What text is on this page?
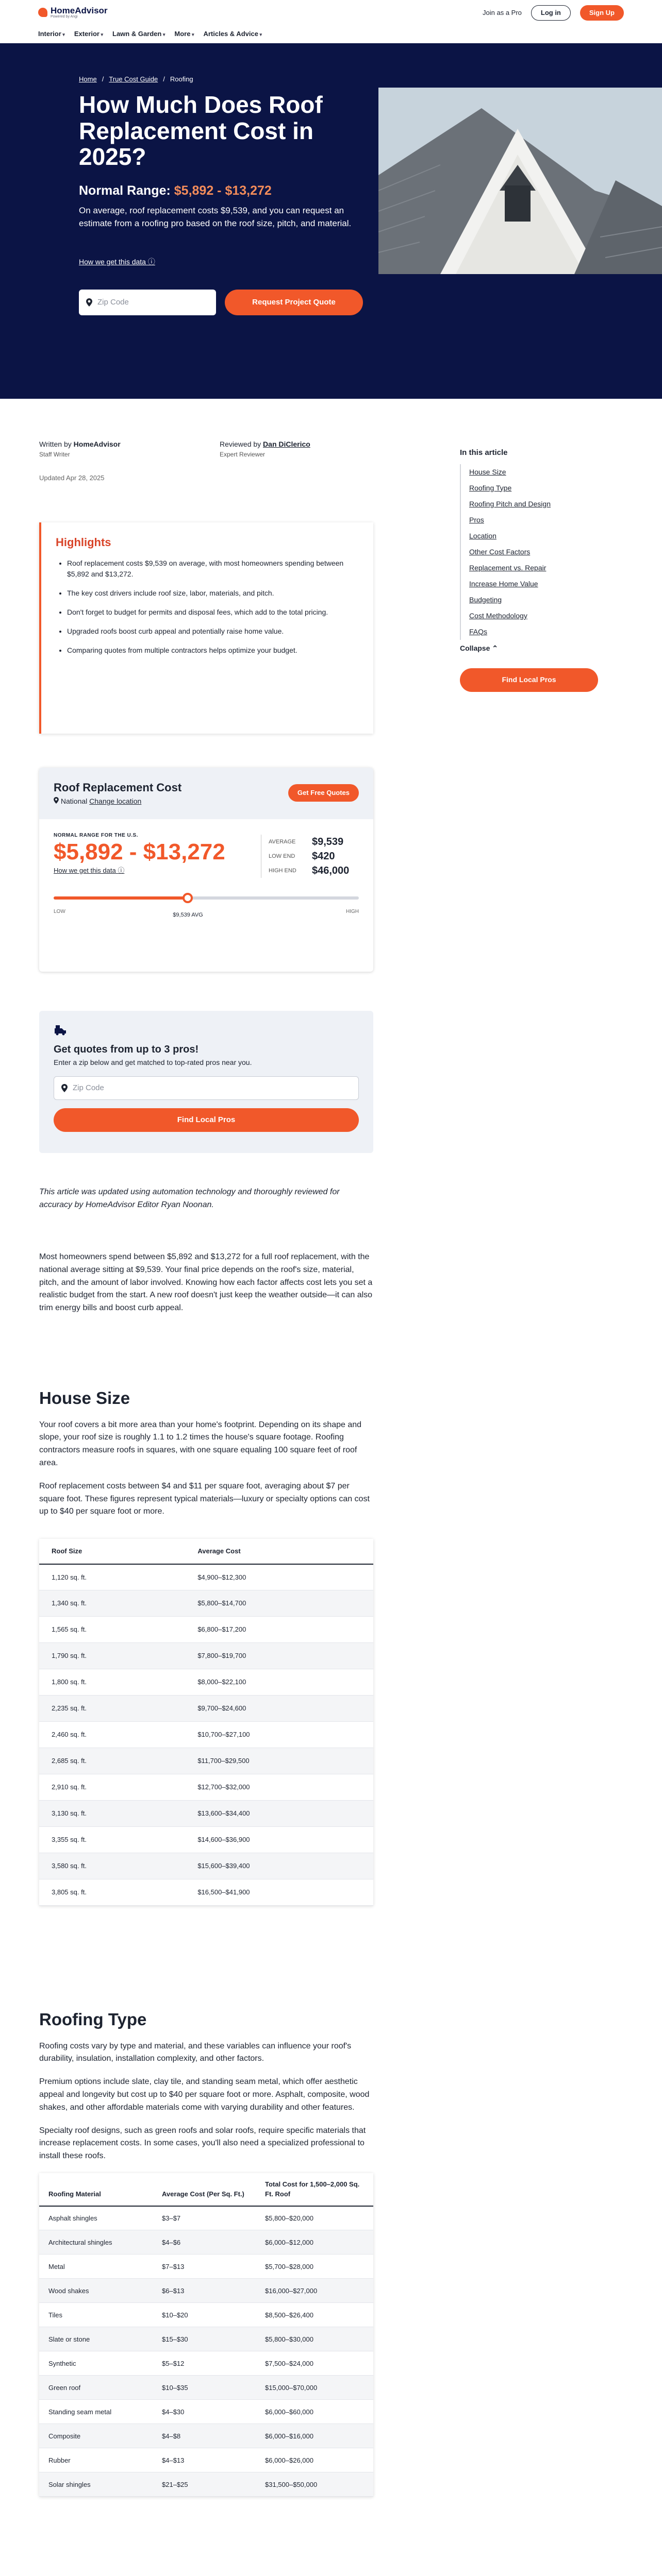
HomeAdvisor
Powered by Angi
Join as a Pro	Log in	Sign Up
Interior ▾	Exterior ▾	Lawn & Garden ▾	More ▾	Articles & Advice ▾
Home / True Cost Guide / Roofing
How Much Does Roof Replacement Cost in 2025?
Normal Range: $5,892 - $13,272
On average, roof replacement costs $9,539, and you can request an estimate from a roofing pro based on the roof size, pitch, and material.
How we get this data ⓘ
Zip Code	Request Project Quote
Written by HomeAdvisor
Staff Writer
Reviewed by Dan DiClerico
Expert Reviewer
Updated Apr 28, 2025
In this article
House Size
Roofing Type
Roofing Pitch and Design
Pros
Location
Other Cost Factors
Replacement vs. Repair
Increase Home Value
Budgeting
Cost Methodology
FAQs
Collapse ⌃
Find Local Pros
Highlights
• Roof replacement costs $9,539 on average, with most homeowners spending between $5,892 and $13,272.
• The key cost drivers include roof size, labor, materials, and pitch.
• Don't forget to budget for permits and disposal fees, which add to the total pricing.
• Upgraded roofs boost curb appeal and potentially raise home value.
• Comparing quotes from multiple contractors helps optimize your budget.
Roof Replacement Cost
National Change location
Get Free Quotes
NORMAL RANGE FOR THE U.S.
$5,892 - $13,272
How we get this data ⓘ
AVERAGE	$9,539
LOW END	$420
HIGH END	$46,000
LOW	HIGH
$9,539 AVG
Get quotes from up to 3 pros!

Enter a zip below and get matched to top-rated pros near you.

Zip Code
Find Local Pros
This article was updated using automation technology and thoroughly reviewed for accuracy by HomeAdvisor Editor Ryan Noonan.
Most homeowners spend between $5,892 and $13,272 for a full roof replacement, with the national average sitting at $9,539. Your final price depends on the roof's size, material, pitch, and the amount of labor involved. Knowing how each factor affects cost lets you set a realistic budget from the start. A new roof doesn't just keep the weather outside—it can also trim energy bills and boost curb appeal.
House Size

Your roof covers a bit more area than your home's footprint. Depending on its shape and slope, your roof size is roughly 1.1 to 1.2 times the house's square footage. Roofing contractors measure roofs in squares, with one square equaling 100 square feet of roof area.

Roof replacement costs between $4 and $11 per square foot, averaging about $7 per square foot. These figures represent typical materials—luxury or specialty options can cost up to $40 per square foot or more.

Roof Size	Average Cost
1,120 sq. ft.	$4,900–$12,300
1,340 sq. ft.	$5,800–$14,700
1,565 sq. ft.	$6,800–$17,200
1,790 sq. ft.	$7,800–$19,700
1,800 sq. ft.	$8,000–$22,100
2,235 sq. ft.	$9,700–$24,600
2,460 sq. ft.	$10,700–$27,100
2,685 sq. ft.	$11,700–$29,500
2,910 sq. ft.	$12,700–$32,000
3,130 sq. ft.	$13,600–$34,400
3,355 sq. ft.	$14,600–$36,900
3,580 sq. ft.	$15,600–$39,400
3,805 sq. ft.	$16,500–$41,900
Roofing Type

Roofing costs vary by type and material, and these variables can influence your roof's durability, insulation, installation complexity, and other factors.

Premium options include slate, clay tile, and standing seam metal, which offer aesthetic appeal and longevity but cost up to $40 per square foot or more. Asphalt, composite, wood shakes, and other affordable materials come with varying durability and other features.

Specialty roof designs, such as green roofs and solar roofs, require specific materials that increase replacement costs. In some cases, you'll also need a specialized professional to install these roofs.

Roofing Material	Average Cost (Per Sq. Ft.)	Total Cost for 1,500–2,000 Sq. Ft. Roof
Asphalt shingles	$3–$7	$5,800–$20,000
Architectural shingles	$4–$6	$6,000–$12,000
Metal	$7–$13	$5,700–$28,000
Wood shakes	$6–$13	$16,000–$27,000
Tiles	$10–$20	$8,500–$26,400
Slate or stone	$15–$30	$5,800–$30,000
Synthetic	$5–$12	$7,500–$24,000
Green roof	$10–$35	$15,000–$70,000
Standing seam metal	$4–$30	$6,000–$60,000
Composite	$4–$8	$6,000–$16,000
Rubber	$4–$13	$6,000–$26,000
Solar shingles	$21–$25	$31,500–$50,000
